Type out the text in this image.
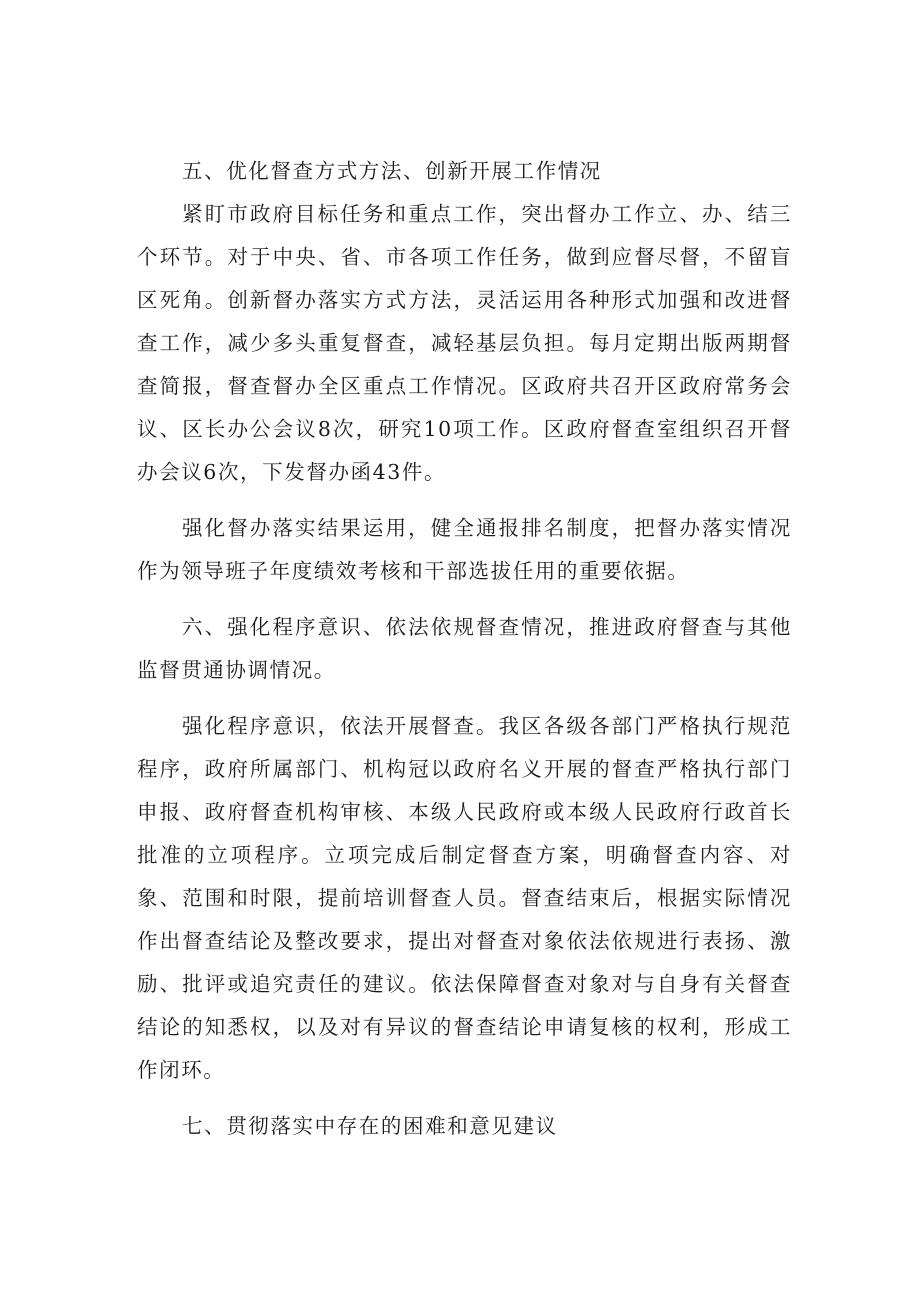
五、优化督查方式方法、创新开展工作情况

紧盯市政府目标任务和重点工作，突出督办工作立、办、结三个环节。对于中央、省、市各项工作任务，做到应督尽督，不留盲区死角。创新督办落实方式方法，灵活运用各种形式加强和改进督查工作，减少多头重复督查，减轻基层负担。每月定期出版两期督查简报，督查督办全区重点工作情况。区政府共召开区政府常务会议、区长办公会议8次，研究10项工作。区政府督查室组织召开督办会议6次，下发督办函43件。

强化督办落实结果运用，健全通报排名制度，把督办落实情况作为领导班子年度绩效考核和干部选拔任用的重要依据。

六、强化程序意识、依法依规督查情况，推进政府督查与其他监督贯通协调情况。

强化程序意识，依法开展督查。我区各级各部门严格执行规范程序，政府所属部门、机构冠以政府名义开展的督查严格执行部门申报、政府督查机构审核、本级人民政府或本级人民政府行政首长批准的立项程序。立项完成后制定督查方案，明确督查内容、对象、范围和时限，提前培训督查人员。督查结束后，根据实际情况作出督查结论及整改要求，提出对督查对象依法依规进行表扬、激励、批评或追究责任的建议。依法保障督查对象对与自身有关督查结论的知悉权，以及对有异议的督查结论申请复核的权利，形成工作闭环。

七、贯彻落实中存在的困难和意见建议
